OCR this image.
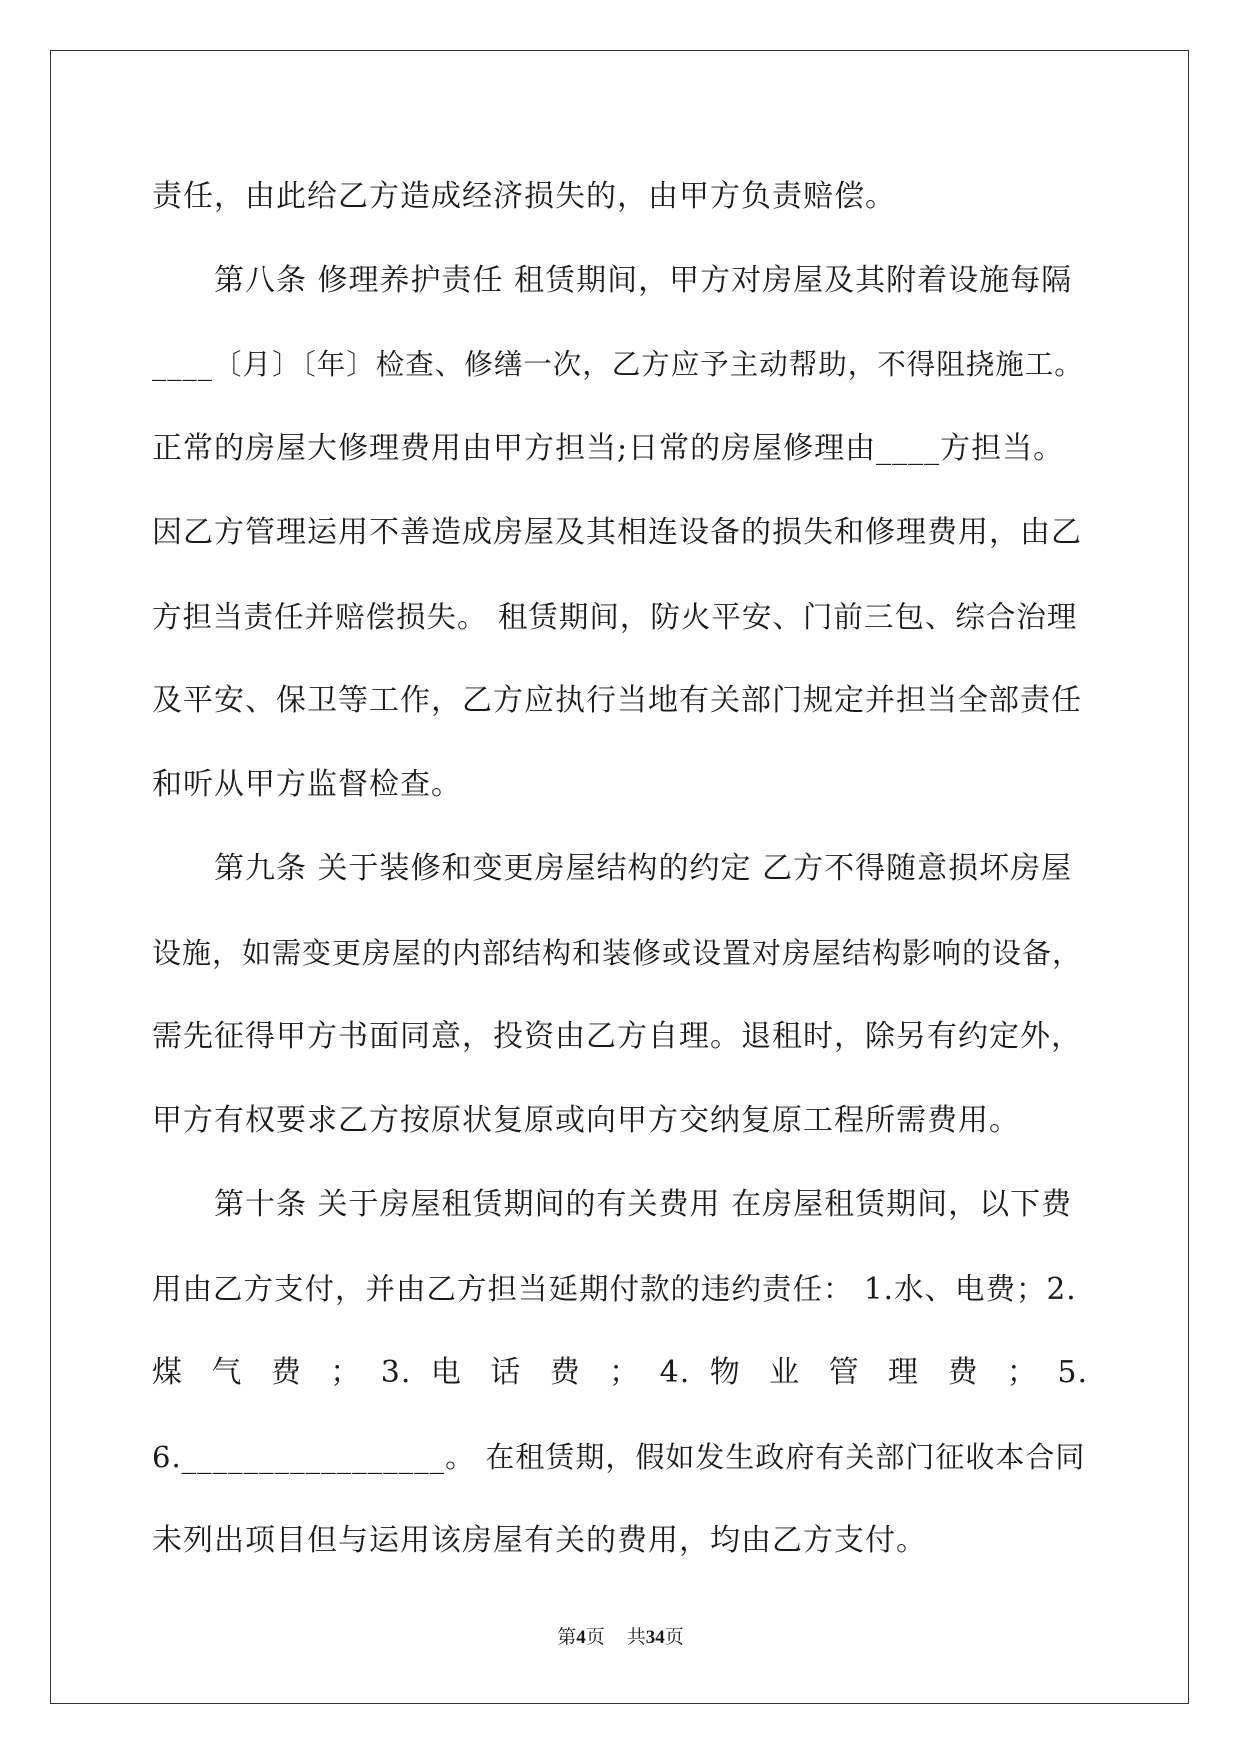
责任，由此给乙方造成经济损失的，由甲方负责赔偿。
第八条 修理养护责任 租赁期间，甲方对房屋及其附着设施每隔
____〔月〕〔年〕检查、修缮一次，乙方应予主动帮助，不得阻挠施工。
正常的房屋大修理费用由甲方担当;日常的房屋修理由____方担当。
因乙方管理运用不善造成房屋及其相连设备的损失和修理费用，由乙
方担当责任并赔偿损失。 租赁期间，防火平安、门前三包、综合治理
及平安、保卫等工作，乙方应执行当地有关部门规定并担当全部责任
和听从甲方监督检查。
第九条 关于装修和变更房屋结构的约定 乙方不得随意损坏房屋
设施，如需变更房屋的内部结构和装修或设置对房屋结构影响的设备，
需先征得甲方书面同意，投资由乙方自理。退租时，除另有约定外，
甲方有权要求乙方按原状复原或向甲方交纳复原工程所需费用。
第十条 关于房屋租赁期间的有关费用 在房屋租赁期间，以下费
用由乙方支付，并由乙方担当延期付款的违约责任： 1.水、电费；2.
煤 气 费 ； 3. 电 话 费 ； 4. 物 业 管 理 费 ； 5.
6._________________。 在租赁期，假如发生政府有关部门征收本合同
未列出项目但与运用该房屋有关的费用，均由乙方支付。
第4页 共34页
